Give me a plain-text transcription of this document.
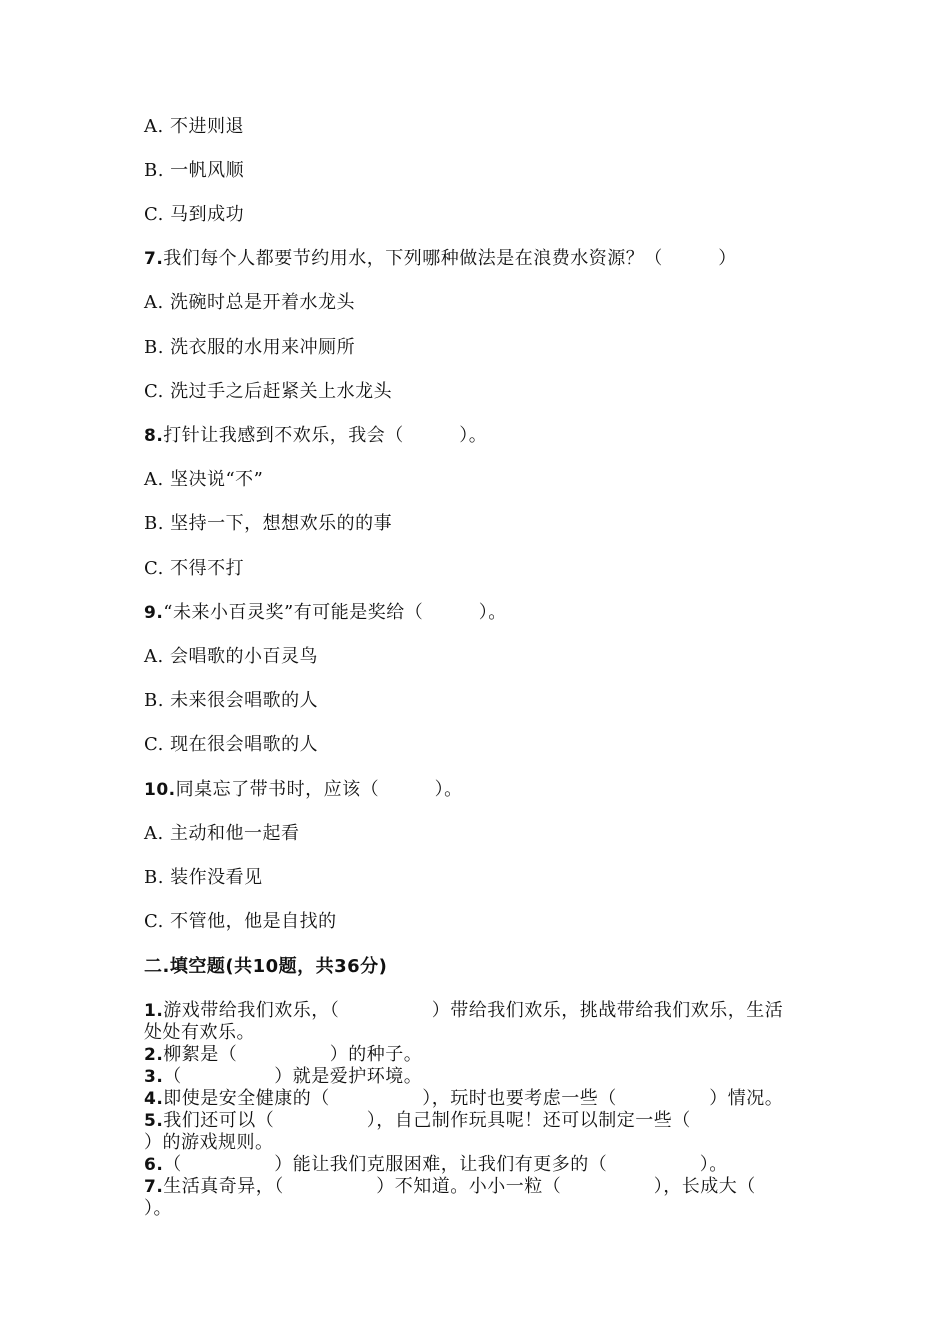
A. 不进则退
B. 一帆风顺
C. 马到成功
7.我们每个人都要节约用水，下列哪种做法是在浪费水资源？（　　　）
A. 洗碗时总是开着水龙头
B. 洗衣服的水用来冲厕所
C. 洗过手之后赶紧关上水龙头
8.打针让我感到不欢乐，我会（　　　）。
A. 坚决说“不”
B. 坚持一下，想想欢乐的的事
C. 不得不打
9.“未来小百灵奖”有可能是奖给（　　　）。
A. 会唱歌的小百灵鸟
B. 未来很会唱歌的人
C. 现在很会唱歌的人
10.同桌忘了带书时，应该（　　　）。
A. 主动和他一起看
B. 装作没看见
C. 不管他，他是自找的
二.填空题(共10题，共36分)
1.游戏带给我们欢乐，（　　　　　）带给我们欢乐，挑战带给我们欢乐，生活
处处有欢乐。
2.柳絮是（　　　　　）的种子。
3.（　　　　　）就是爱护环境。
4.即使是安全健康的（　　　　　），玩时也要考虑一些（　　　　　）情况。
5.我们还可以（　　　　　），自己制作玩具呢！还可以制定一些（
）的游戏规则。
6.（　　　　　）能让我们克服困难，让我们有更多的（　　　　　）。
7.生活真奇异，（　　　　　）不知道。小小一粒（　　　　　），长成大（
）。
